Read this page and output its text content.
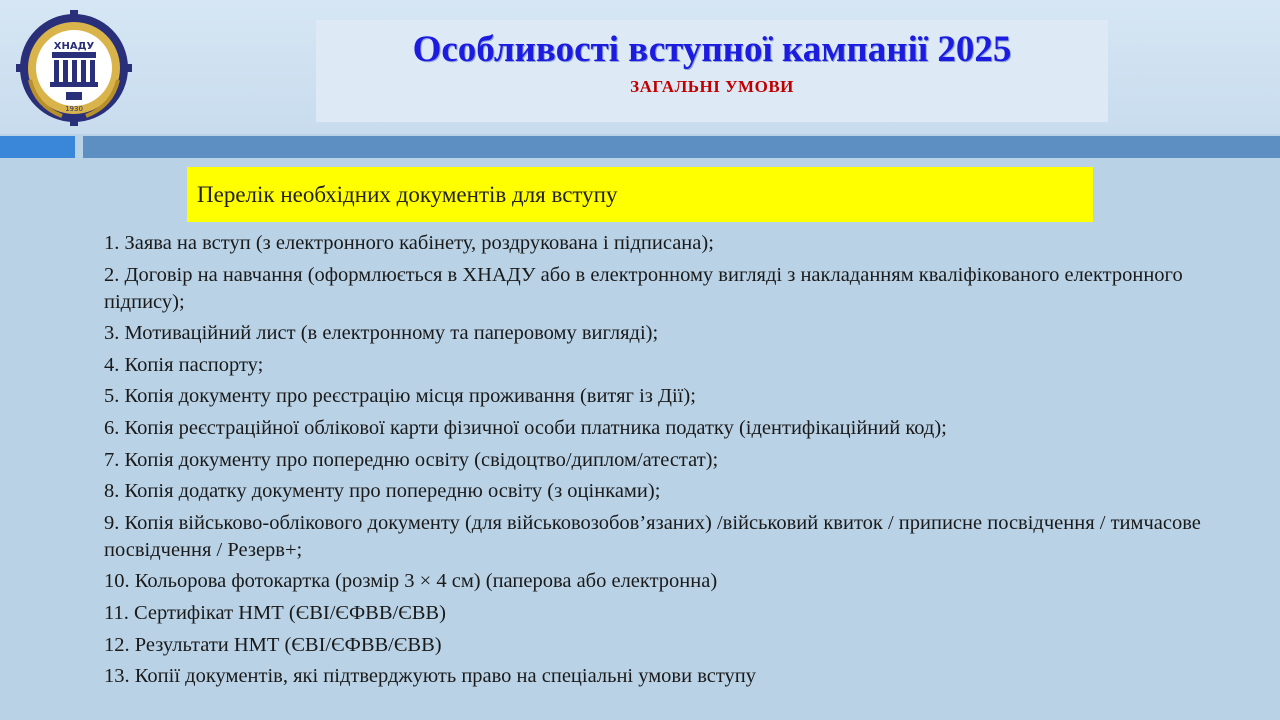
ХНАДУ
1930
Особливості вступної кампанії 2025
ЗАГАЛЬНІ УМОВИ
Перелік необхідних документів для вступу
1. Заява на вступ (з електронного кабінету, роздрукована і підписана);
2. Договір на навчання (оформлюється в ХНАДУ або в електронному вигляді з накладанням кваліфікованого електронного підпису);
3. Мотиваційний лист (в електронному та паперовому вигляді);
4. Копія паспорту;
5. Копія документу про реєстрацію місця проживання (витяг із Дії);
6. Копія реєстраційної облікової карти фізичної особи платника податку (ідентифікаційний код);
7. Копія документу про попередню освіту (свідоцтво/диплом/атестат);
8. Копія додатку документу про попередню освіту (з оцінками);
9. Копія військово-облікового документу (для військовозобов’язаних) /військовий квиток / приписне посвідчення / тимчасове посвідчення / Резерв+;
10. Кольорова фотокартка (розмір 3 × 4 см) (паперова або електронна)
11. Сертифікат НМТ (ЄВІ/ЄФВВ/ЄВВ)
12. Результати НМТ (ЄВІ/ЄФВВ/ЄВВ)
13. Копії документів, які підтверджують право на спеціальні умови вступу
